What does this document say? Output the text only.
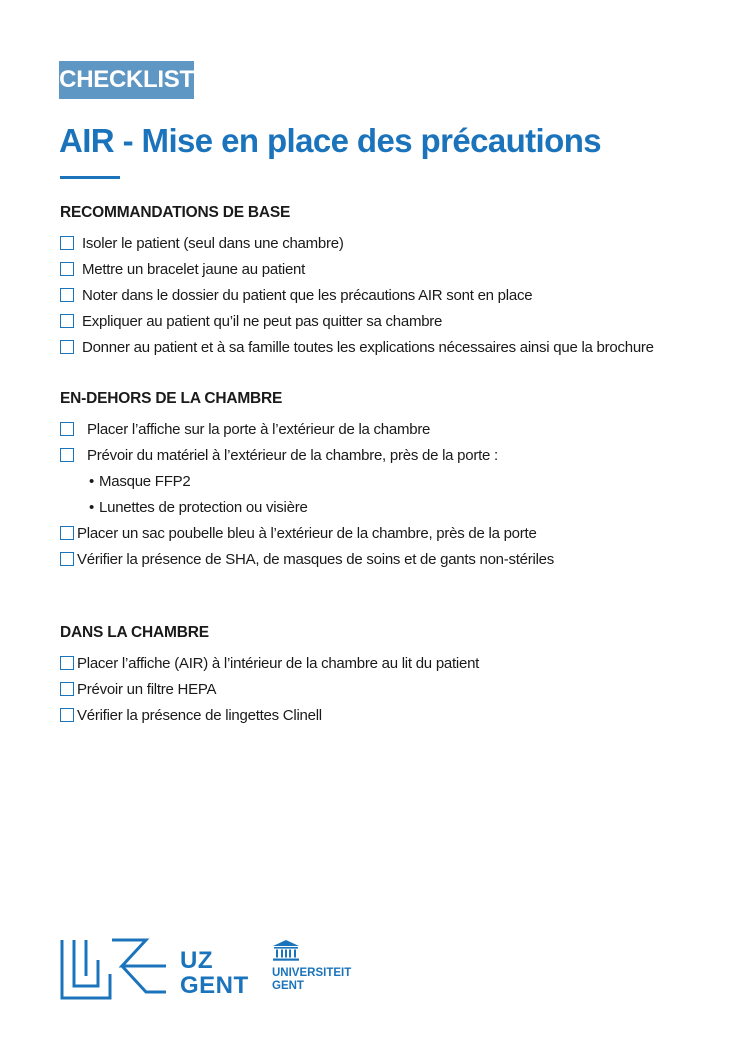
CHECKLIST
AIR - Mise en place des précautions
RECOMMANDATIONS DE BASE
Isoler le patient (seul dans une chambre)
Mettre un bracelet jaune au patient
Noter dans le dossier du patient que les précautions AIR sont en place
Expliquer au patient qu’il ne peut pas quitter sa chambre
Donner au patient et à sa famille toutes les explications nécessaires ainsi que la brochure
EN-DEHORS DE LA CHAMBRE
Placer l’affiche sur la porte à l’extérieur de la chambre
Prévoir du matériel à l’extérieur de la chambre, près de la porte :
• Masque FFP2
• Lunettes de protection ou visière
Placer un sac poubelle bleu à l’extérieur de la chambre, près de la porte
Vérifier la présence de SHA, de masques de soins et de gants non-stériles
DANS LA CHAMBRE
Placer l’affiche (AIR) à l’intérieur de la chambre au lit du patient
Prévoir un filtre HEPA
Vérifier la présence de lingettes Clinell
UZ
GENT UNIVERSITEIT
GENT
